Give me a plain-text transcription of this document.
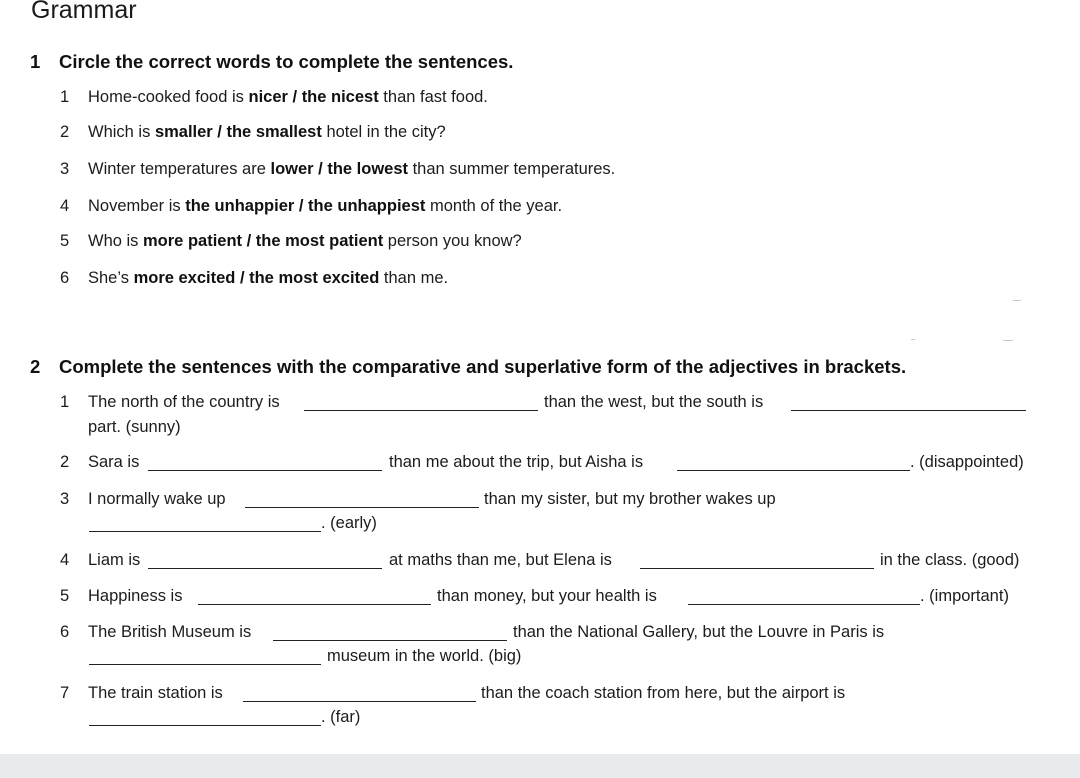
Grammar
1 Circle the correct words to complete the sentences.
1 Home-cooked food is nicer / the nicest than fast food.
2 Which is smaller / the smallest hotel in the city?
3 Winter temperatures are lower / the lowest than summer temperatures.
4 November is the unhappier / the unhappiest month of the year.
5 Who is more patient / the most patient person you know?
6 She’s more excited / the most excited than me.
2 Complete the sentences with the comparative and superlative form of the adjectives in brackets.
1 The north of the country is	than the west, but the south is
part. (sunny)
2 Sara is	than me about the trip, but Aisha is	. (disappointed)
3 I normally wake up	than my sister, but my brother wakes up
. (early)
4 Liam is	at maths than me, but Elena is	in the class. (good)
5 Happiness is	than money, but your health is	. (important)
6 The British Museum is	than the National Gallery, but the Louvre in Paris is
museum in the world. (big)
7 The train station is	than the coach station from here, but the airport is
. (far)
